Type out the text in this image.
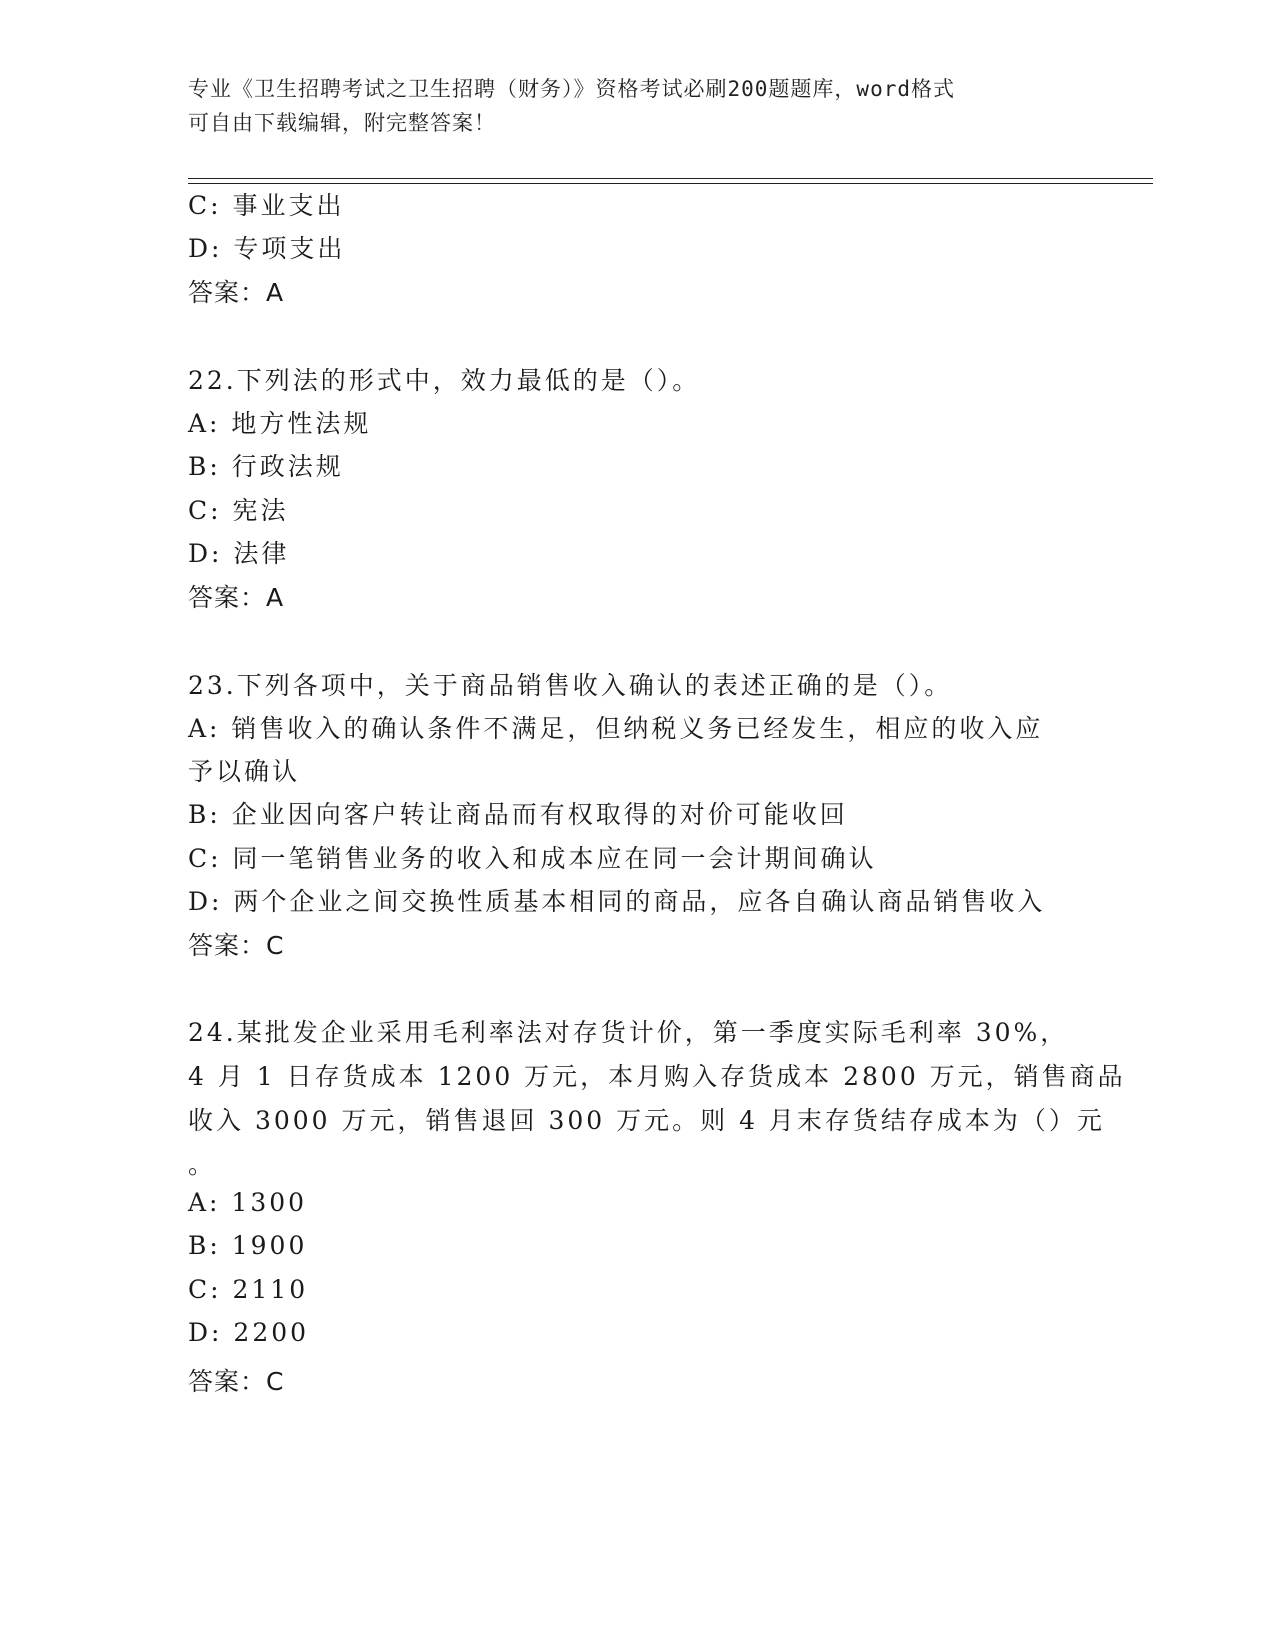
专业《卫生招聘考试之卫生招聘（财务）》资格考试必刷200题题库，word格式
可自由下载编辑，附完整答案！
C: 事业支出
D: 专项支出
答案：A
22.下列法的形式中，效力最低的是（）。
A: 地方性法规
B: 行政法规
C: 宪法
D: 法律
答案：A
23.下列各项中，关于商品销售收入确认的表述正确的是（）。
A: 销售收入的确认条件不满足，但纳税义务已经发生，相应的收入应
予以确认
B: 企业因向客户转让商品而有权取得的对价可能收回
C: 同一笔销售业务的收入和成本应在同一会计期间确认
D: 两个企业之间交换性质基本相同的商品，应各自确认商品销售收入
答案：C
24.某批发企业采用毛利率法对存货计价，第一季度实际毛利率 30%，
4 月 1 日存货成本 1200 万元，本月购入存货成本 2800 万元，销售商品
收入 3000 万元，销售退回 300 万元。则 4 月末存货结存成本为（）元
。
A: 1300
B: 1900
C: 2110
D: 2200
答案：C
